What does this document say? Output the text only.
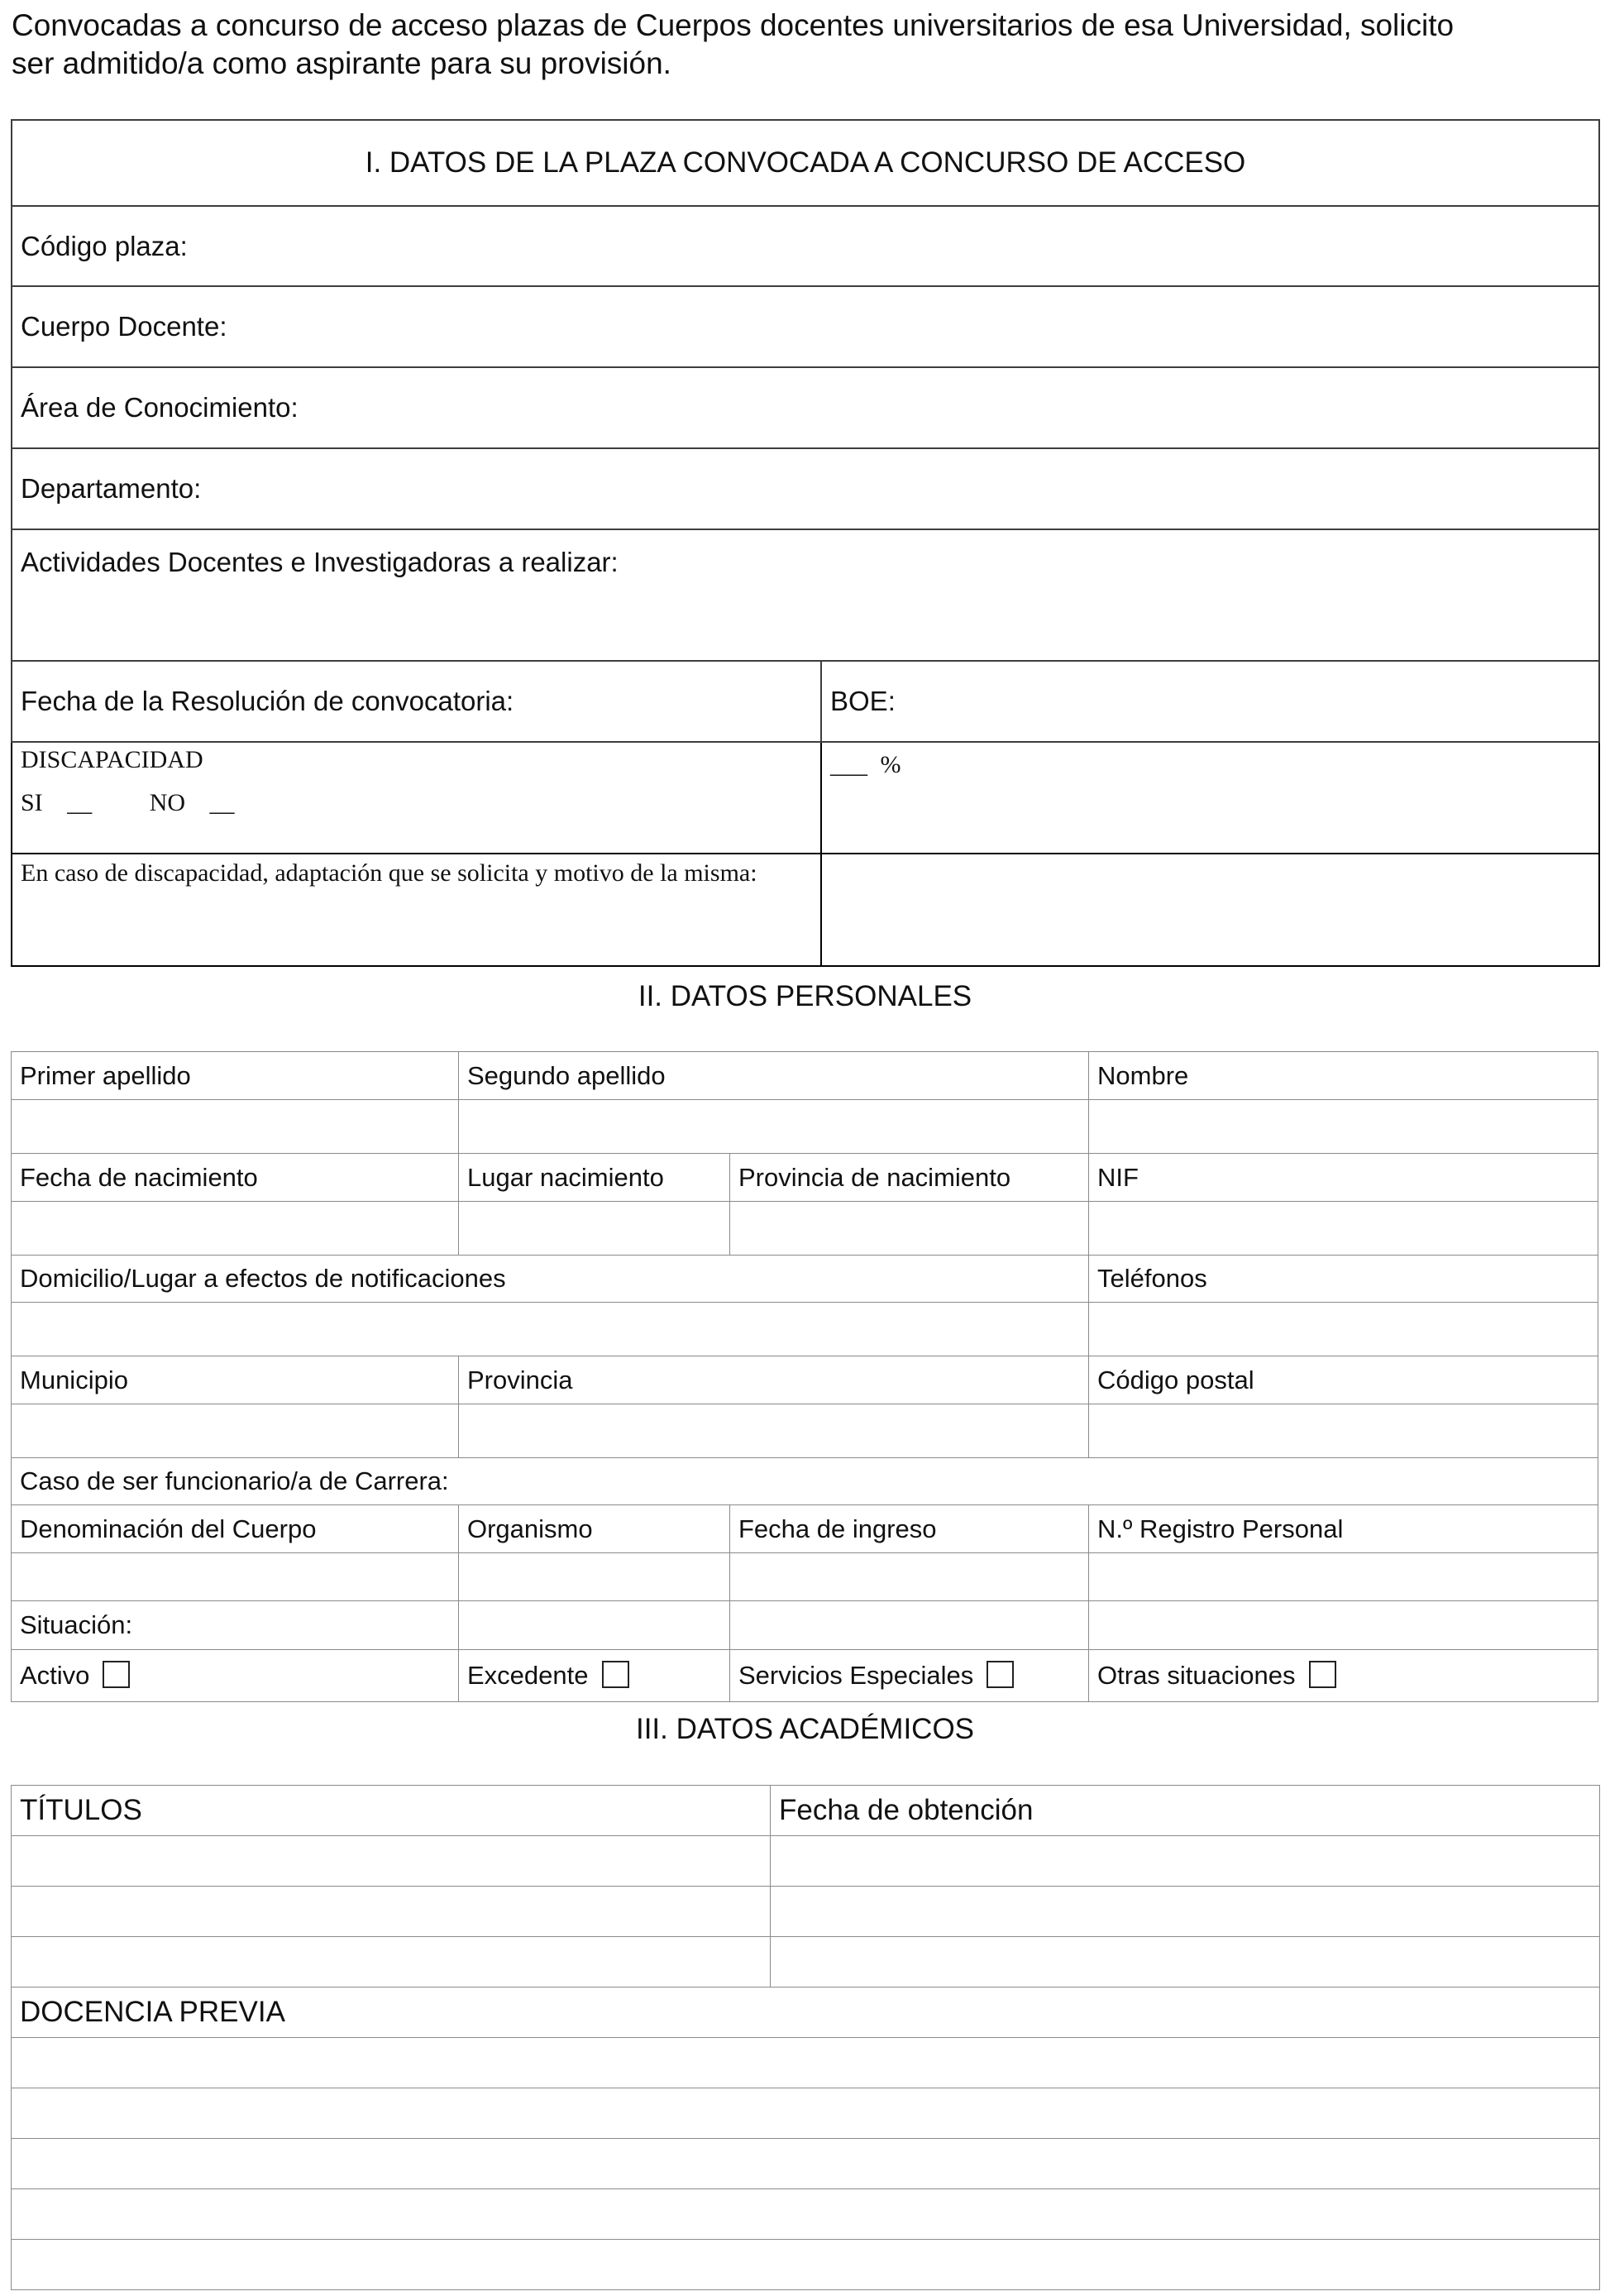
Convocadas a concurso de acceso plazas de Cuerpos docentes universitarios de esa Universidad, solicito

ser admitido/a como aspirante para su provisión.

I. DATOS DE LA PLAZA CONVOCADA A CONCURSO DE ACCESO	
Código plaza:	
Cuerpo Docente:	
Área de Conocimiento:	
Departamento:	
Actividades Docentes e Investigadoras a realizar:	
Fecha de la Resolución de convocatoria:	BOE:

DISCAPACIDAD
SI __ NO __	___ %
En caso de discapacidad, adaptación que se solicita y motivo de la misma:	
II. DATOS PERSONALES
Primer apellido	Segundo apellido		Nombre

Fecha de nacimiento	Lugar nacimiento	Provincia de nacimiento	NIF

Domicilio/Lugar a efectos de notificaciones			Teléfonos

Municipio	Provincia		Código postal

Caso de ser funcionario/a de Carrera:			
Denominación del Cuerpo	Organismo	Fecha de ingreso	N.º Registro Personal

Situación:			
Activo	Excedente	Servicios Especiales	Otras situaciones
III. DATOS ACADÉMICOS
TÍTULOS	Fecha de obtención

DOCENCIA PREVIA	
